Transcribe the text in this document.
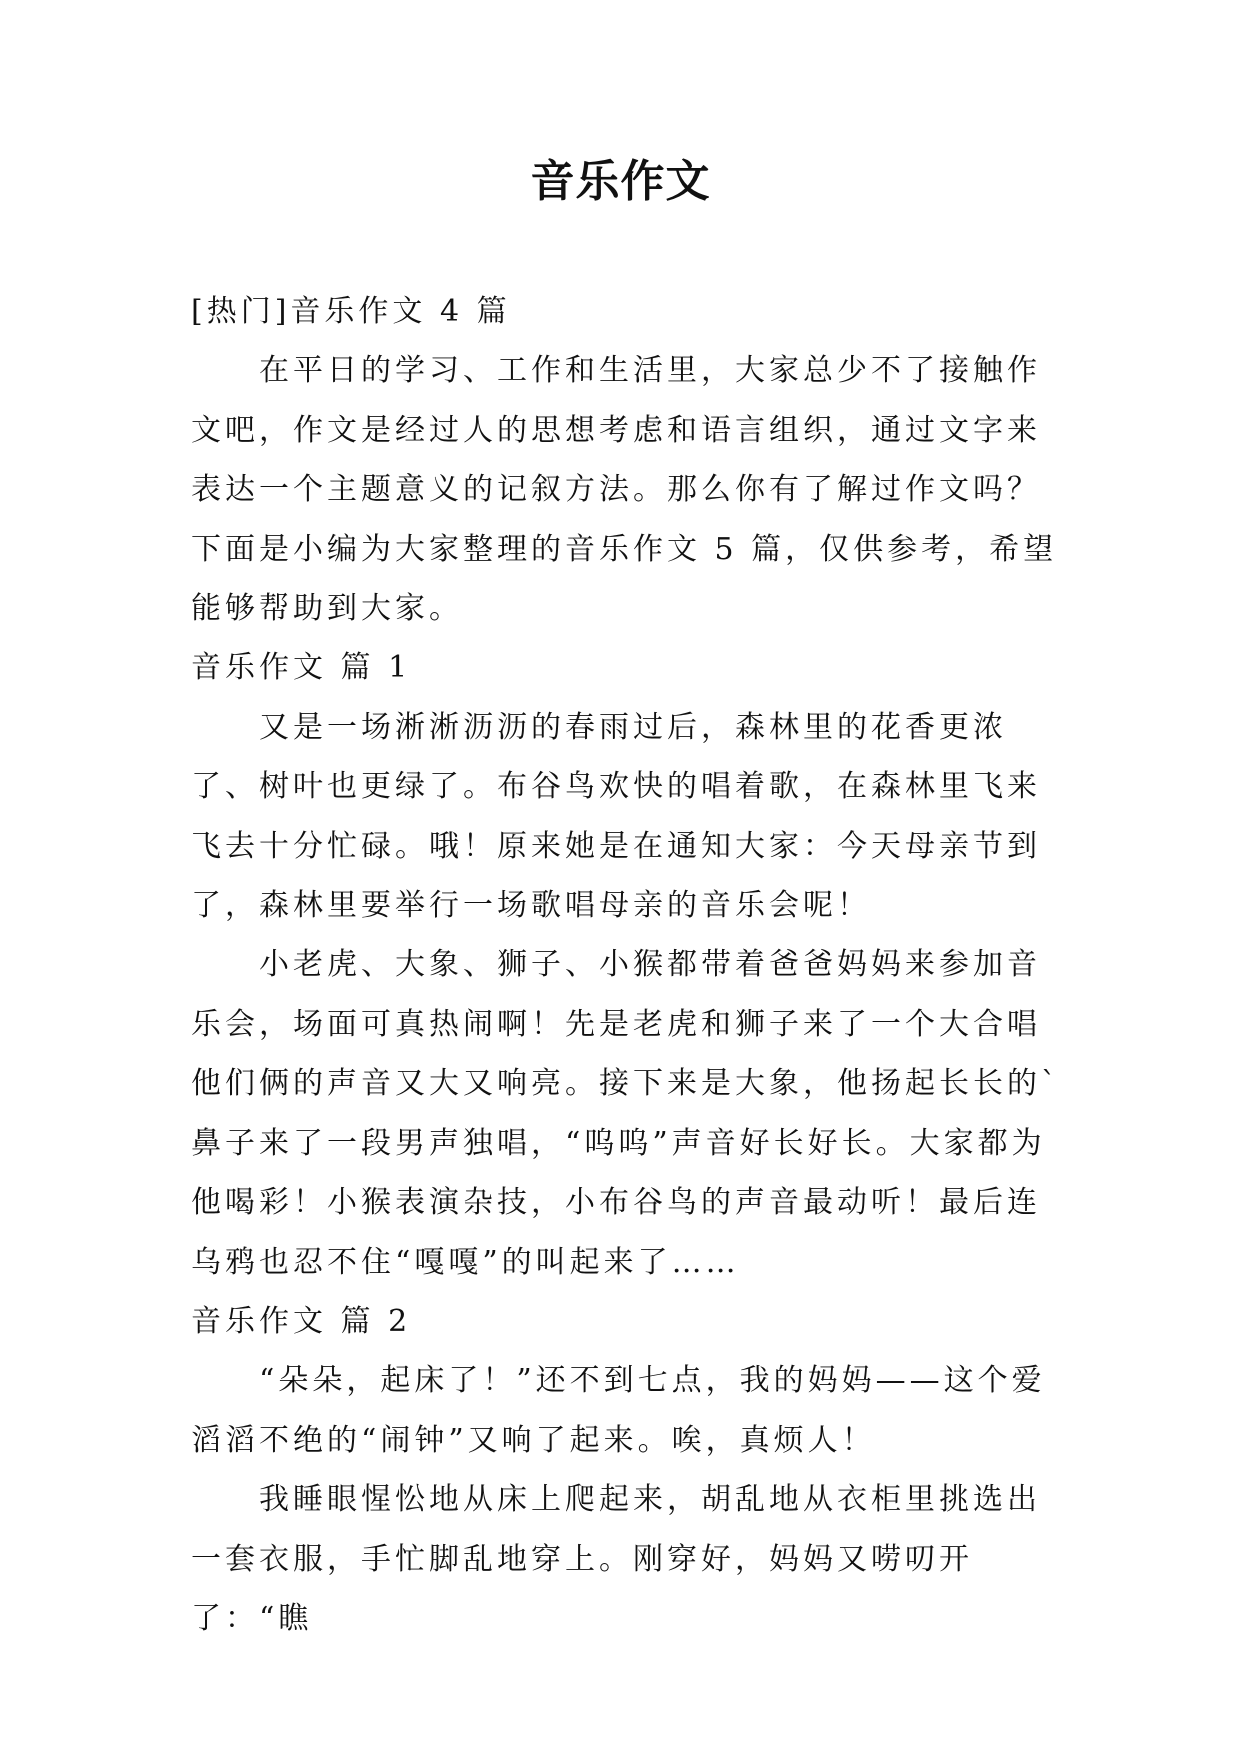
音乐作文

[热门]音乐作文 4 篇

在平日的学习、工作和生活里，大家总少不了接触作文吧，作文是经过人的思想考虑和语言组织，通过文字来表达一个主题意义的记叙方法。那么你有了解过作文吗？下面是小编为大家整理的音乐作文 5 篇，仅供参考，希望能够帮助到大家。

音乐作文 篇 1

又是一场淅淅沥沥的春雨过后，森林里的花香更浓了、树叶也更绿了。布谷鸟欢快的唱着歌，在森林里飞来飞去十分忙碌。哦！原来她是在通知大家：今天母亲节到了，森林里要举行一场歌唱母亲的音乐会呢！

小老虎、大象、狮子、小猴都带着爸爸妈妈来参加音乐会，场面可真热闹啊！先是老虎和狮子来了一个大合唱他们俩的声音又大又响亮。接下来是大象，他扬起长长的`鼻子来了一段男声独唱，“呜呜”声音好长好长。大家都为他喝彩！小猴表演杂技，小布谷鸟的声音最动听！最后连乌鸦也忍不住“嘎嘎”的叫起来了……

音乐作文 篇 2

“朵朵，起床了！”还不到七点，我的妈妈——这个爱滔滔不绝的“闹钟”又响了起来。唉，真烦人！

我睡眼惺忪地从床上爬起来，胡乱地从衣柜里挑选出一套衣服，手忙脚乱地穿上。刚穿好，妈妈又唠叨开了：“瞧
